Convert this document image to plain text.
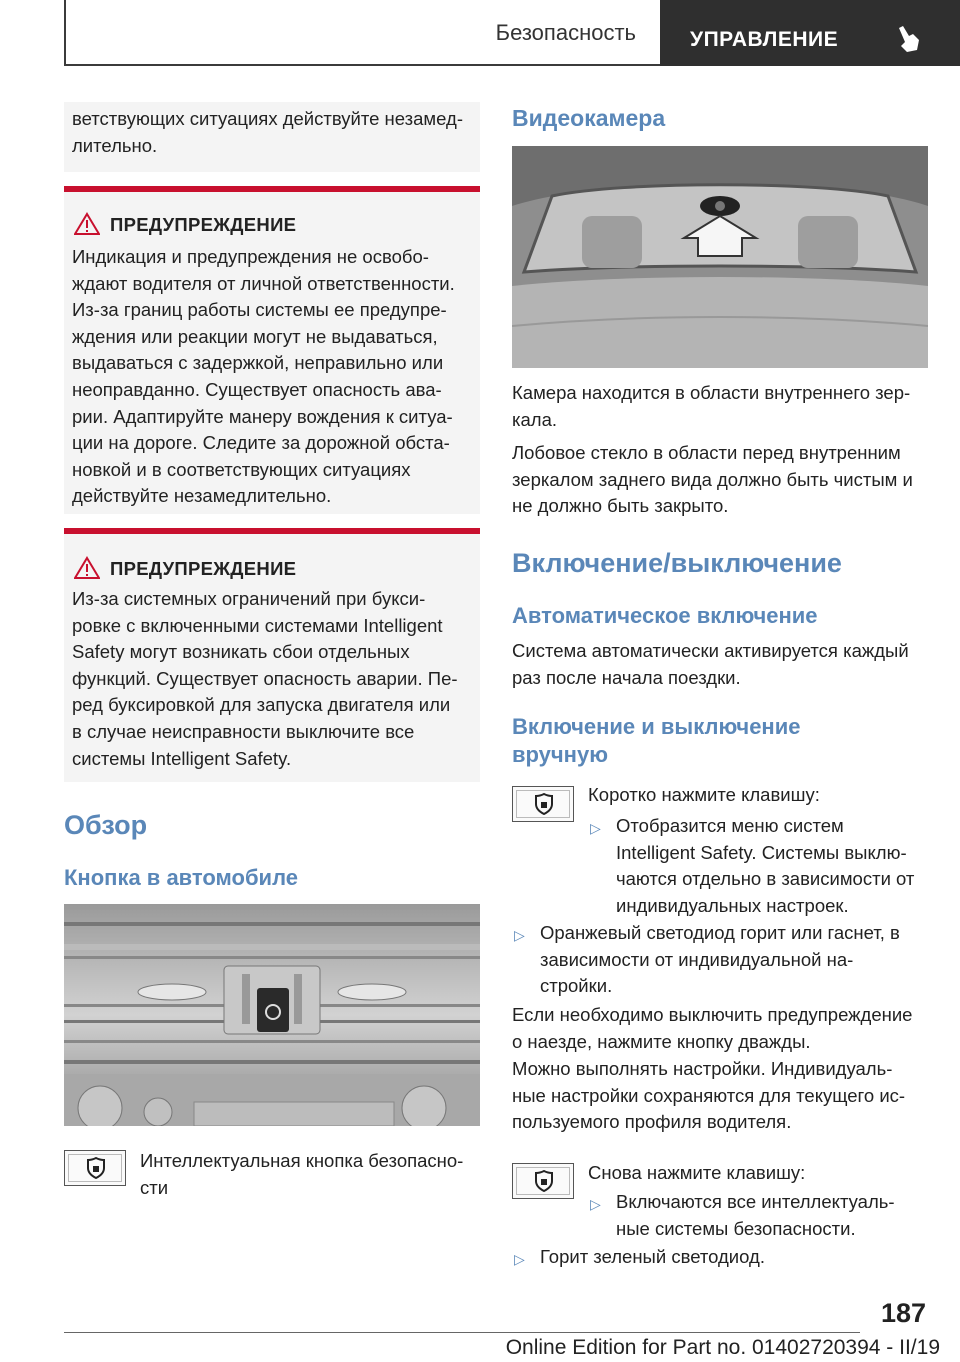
Безопасность	УПРАВЛЕНИЕ
ветствующих ситуациях действуйте незамед-
лительно.
ПРЕДУПРЕЖДЕНИЕ
Индикация и предупреждения не освобо-
ждают водителя от личной ответственности.
Из-за границ работы системы ее предупре-
ждения или реакции могут не выдаваться,
выдаваться с задержкой, неправильно или
неоправданно. Существует опасность ава-
рии. Адаптируйте манеру вождения к ситуа-
ции на дороге. Следите за дорожной обста-
новкой и в соответствующих ситуациях
действуйте незамедлительно.
ПРЕДУПРЕЖДЕНИЕ
Из-за системных ограничений при букси-
ровке с включенными системами Intelligent
Safety могут возникать сбои отдельных
функций. Существует опасность аварии. Пе-
ред буксировкой для запуска двигателя или
в случае неисправности выключите все
системы Intelligent Safety.
Обзор
Кнопка в автомобиле
Интеллектуальная кнопка безопасно-
сти
Видеокамера
Камера находится в области внутреннего зер-
кала.
Лобовое стекло в области перед внутренним
зеркалом заднего вида должно быть чистым и
не должно быть закрыто.
Включение/выключение
Автоматическое включение
Система автоматически активируется каждый
раз после начала поездки.
Включение и выключение
вручную
Коротко нажмите клавишу:
▷ Отобразится меню систем
Intelligent Safety. Системы выклю-
чаются отдельно в зависимости от
индивидуальных настроек.
▷ Оранжевый светодиод горит или гаснет, в
зависимости от индивидуальной на-
стройки.
Если необходимо выключить предупреждение
о наезде, нажмите кнопку дважды.
Можно выполнять настройки. Индивидуаль-
ные настройки сохраняются для текущего ис-
пользуемого профиля водителя.
Снова нажмите клавишу:
▷ Включаются все интеллектуаль-
ные системы безопасности.
▷ Горит зеленый светодиод.
187
Online Edition for Part no. 01402720394 - II/19
